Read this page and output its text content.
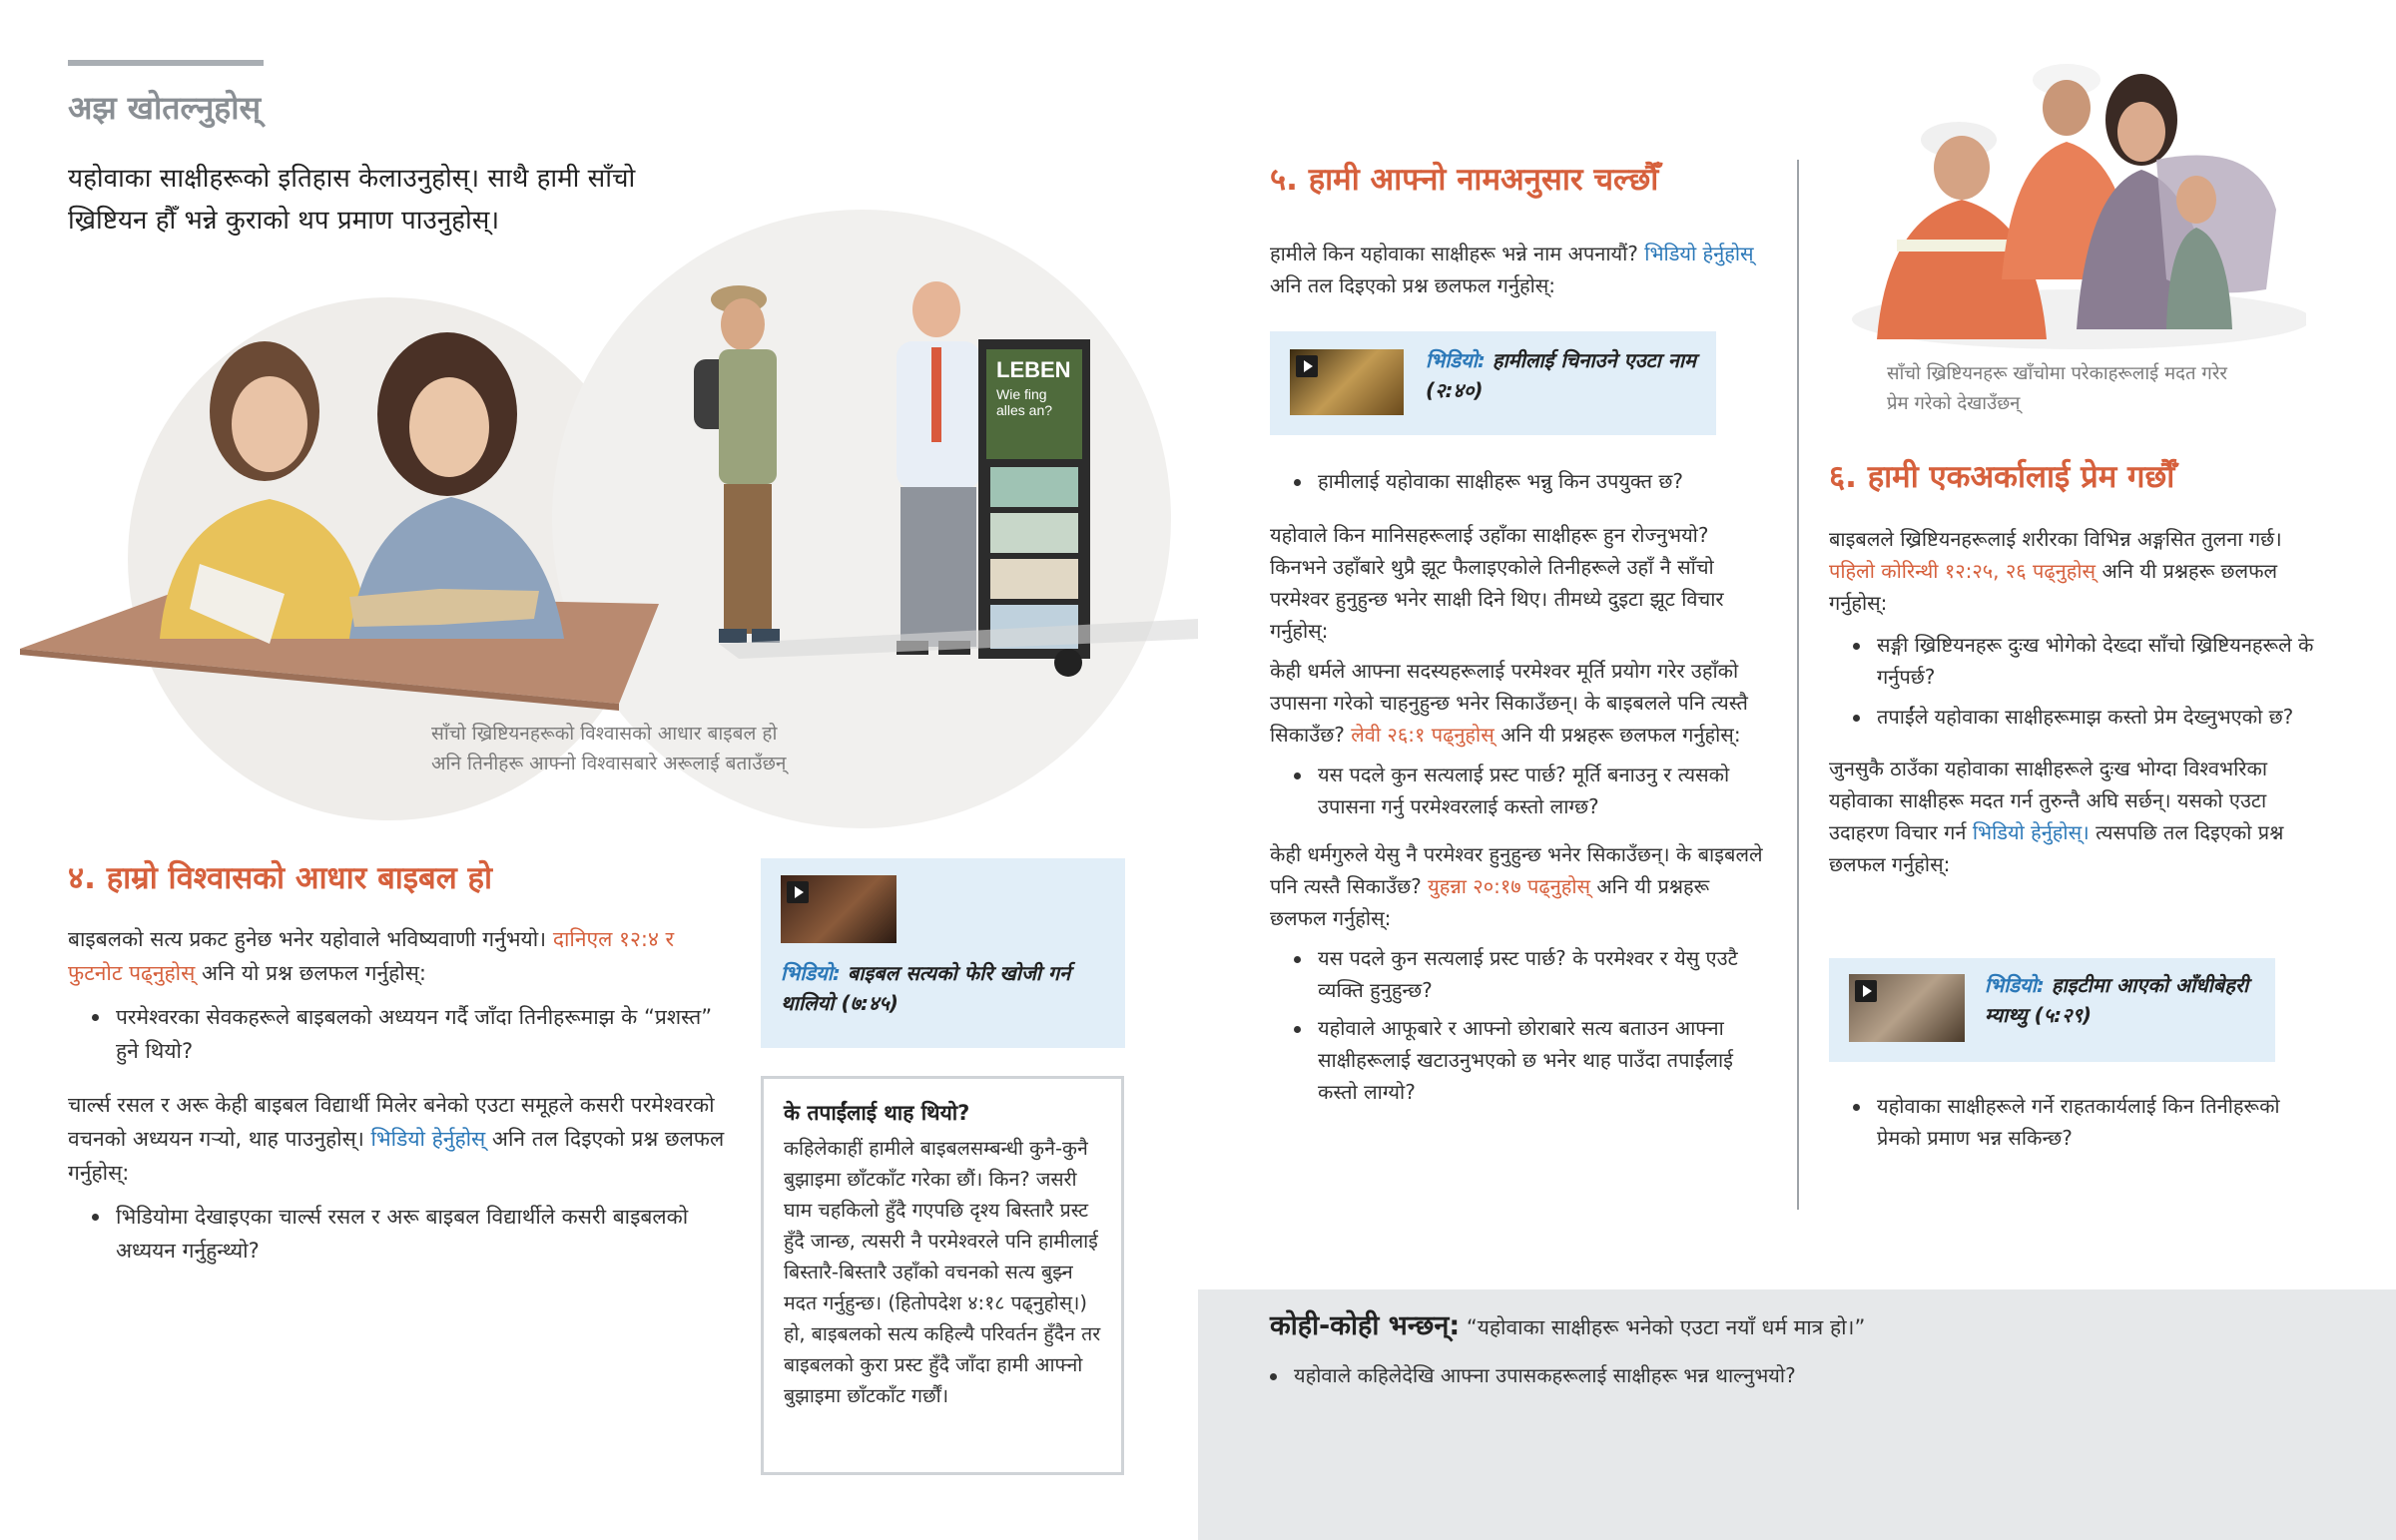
अझ खोतल्नुहोस्
यहोवाका साक्षीहरूको इतिहास केलाउनुहोस्। साथै हामी साँचो
ख्रिष्टियन हौँ भन्ने कुराको थप प्रमाण पाउनुहोस्।
LEBEN
Wie fing
alles an?
साँचो ख्रिष्टियनहरूको विश्वासको आधार बाइबल हो
अनि तिनीहरू आफ्नो विश्वासबारे अरूलाई बताउँछन्
४. हाम्रो विश्वासको आधार बाइबल हो

बाइबलको सत्य प्रकट हुनेछ भनेर यहोवाले भविष्यवाणी गर्नुभयो। दानिएल १२:४ र फुटनोट पढ्नुहोस् अनि यो प्रश्न छलफल गर्नुहोस्:

परमेश्वरका सेवकहरूले बाइबलको अध्ययन गर्दै जाँदा तिनीहरूमाझ के “प्रशस्त” हुने थियो?

चार्ल्स रसल र अरू केही बाइबल विद्यार्थी मिलेर बनेको एउटा समूहले कसरी परमेश्वरको वचनको अध्ययन गऱ्यो, थाह पाउनुहोस्। भिडियो हेर्नुहोस् अनि तल दिइएको प्रश्न छलफल गर्नुहोस्:

भिडियोमा देखाइएका चार्ल्स रसल र अरू बाइबल विद्यार्थीले कसरी बाइबलको अध्ययन गर्नुहुन्थ्यो?

भिडियो: बाइबल सत्यको फेरि खोजी गर्न थालियो (७:४५)
के तपाईंलाई थाह थियो?
कहिलेकाहीं हामीले बाइबलसम्बन्धी कुनै-कुनै बुझाइमा छाँटकाँट गरेका छौं। किन? जसरी घाम चहकिलो हुँदै गएपछि दृश्य बिस्तारै प्रस्ट हुँदै जान्छ, त्यसरी नै परमेश्वरले पनि हामीलाई बिस्तारै-बिस्तारै उहाँको वचनको सत्य बुझ्न मदत गर्नुहुन्छ। (हितोपदेश ४:१८ पढ्नुहोस्।) हो, बाइबलको सत्य कहिल्यै परिवर्तन हुँदैन तर बाइबलको कुरा प्रस्ट हुँदै जाँदा हामी आफ्नो बुझाइमा छाँटकाँट गर्छौं।
५. हामी आफ्नो नामअनुसार चल्छौँ
हामीले किन यहोवाका साक्षीहरू भन्ने नाम अपनायौं? भिडियो हेर्नुहोस् अनि तल दिइएको प्रश्न छलफल गर्नुहोस्:
भिडियो: हामीलाई चिनाउने एउटा नाम (२:४०)

हामीलाई यहोवाका साक्षीहरू भन्नु किन उपयुक्त छ?

यहोवाले किन मानिसहरूलाई उहाँका साक्षीहरू हुन रोज्नुभयो? किनभने उहाँबारे थुप्रै झूट फैलाइएकोले तिनीहरूले उहाँ नै साँचो परमेश्वर हुनुहुन्छ भनेर साक्षी दिने थिए। तीमध्ये दुइटा झूट विचार गर्नुहोस्:

केही धर्मले आफ्ना सदस्यहरूलाई परमेश्वर मूर्ति प्रयोग गरेर उहाँको उपासना गरेको चाहनुहुन्छ भनेर सिकाउँछन्। के बाइबलले पनि त्यस्तै सिकाउँछ? लेवी २६:१ पढ्नुहोस् अनि यी प्रश्नहरू छलफल गर्नुहोस्:

यस पदले कुन सत्यलाई प्रस्ट पार्छ? मूर्ति बनाउनु र त्यसको उपासना गर्नु परमेश्वरलाई कस्तो लाग्छ?

केही धर्मगुरुले येसु नै परमेश्वर हुनुहुन्छ भनेर सिकाउँछन्। के बाइबलले पनि त्यस्तै सिकाउँछ? युहन्ना २०:१७ पढ्नुहोस् अनि यी प्रश्नहरू छलफल गर्नुहोस्:

यस पदले कुन सत्यलाई प्रस्ट पार्छ? के परमेश्वर र येसु एउटै व्यक्ति हुनुहुन्छ?

यहोवाले आफूबारे र आफ्नो छोराबारे सत्य बताउन आफ्ना साक्षीहरूलाई खटाउनुभएको छ भनेर थाह पाउँदा तपाईंलाई कस्तो लाग्यो?

साँचो ख्रिष्टियनहरू खाँचोमा परेकाहरूलाई मदत गरेर
प्रेम गरेको देखाउँछन्
६. हामी एकअर्कालाई प्रेम गर्छौँ

बाइबलले ख्रिष्टियनहरूलाई शरीरका विभिन्न अङ्गसित तुलना गर्छ। पहिलो कोरिन्थी १२:२५, २६ पढ्नुहोस् अनि यी प्रश्नहरू छलफल गर्नुहोस्:

सङ्गी ख्रिष्टियनहरू दुःख भोगेको देख्दा साँचो ख्रिष्टियनहरूले के गर्नुपर्छ?

तपाईंले यहोवाका साक्षीहरूमाझ कस्तो प्रेम देख्नुभएको छ?

जुनसुकै ठाउँका यहोवाका साक्षीहरूले दुःख भोग्दा विश्वभरिका यहोवाका साक्षीहरू मदत गर्न तुरुन्तै अघि सर्छन्। यसको एउटा उदाहरण विचार गर्न भिडियो हेर्नुहोस्। त्यसपछि तल दिइएको प्रश्न छलफल गर्नुहोस्:

भिडियो: हाइटीमा आएको आँधीबेहरी म्याथ्यु (५:२९)

यहोवाका साक्षीहरूले गर्ने राहतकार्यलाई किन तिनीहरूको प्रेमको प्रमाण भन्न सकिन्छ?

कोही-कोही भन्छन्: “यहोवाका साक्षीहरू भनेको एउटा नयाँ धर्म मात्र हो।”

यहोवाले कहिलेदेखि आफ्ना उपासकहरूलाई साक्षीहरू भन्न थाल्नुभयो?
